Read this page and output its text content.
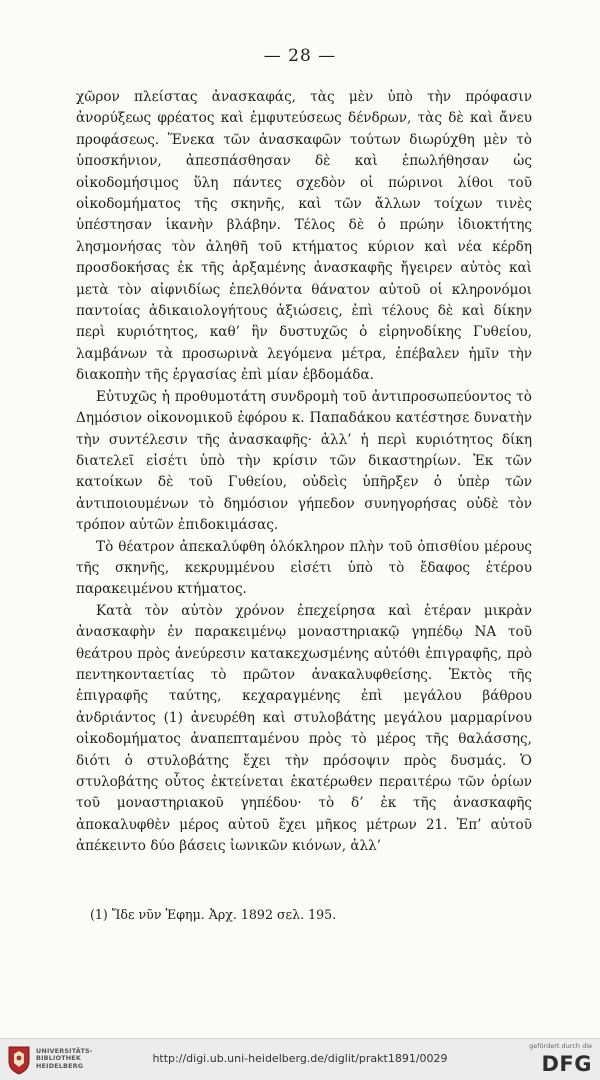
— 28 —

χῶρον πλείστας ἀνασκαφάς, τὰς μὲν ὑπὸ τὴν πρόφασιν ἀνορύξεως φρέατος καὶ ἐμφυτεύσεως δένδρων, τὰς δὲ καὶ ἄνευ προφάσεως. Ἕνεκα τῶν ἀνασκαφῶν τούτων διωρύχθη μὲν τὸ ὑποσκήνιον, ἀπεσπάσθησαν δὲ καὶ ἐπωλήθησαν ὡς οἰκοδομήσιμος ὕλη πάντες σχεδὸν οἱ πώρινοι λίθοι τοῦ οἰκοδομήματος τῆς σκηνῆς, καὶ τῶν ἄλλων τοίχων τινὲς ὑπέστησαν ἱκανὴν βλάβην. Τέλος δὲ ὁ πρώην ἰδιοκτήτης λησμονήσας τὸν ἀληθῆ τοῦ κτήματος κύριον καὶ νέα κέρδη προσδοκήσας ἐκ τῆς ἀρξαμένης ἀνασκαφῆς ἤγειρεν αὐτὸς καὶ μετὰ τὸν αἰφνιδίως ἐπελθόντα θάνατον αὐτοῦ οἱ κληρονόμοι παντοίας ἀδικαιολογήτους ἀξιώσεις, ἐπὶ τέλους δὲ καὶ δίκην περὶ κυριότητος, καθ’ ἣν δυστυχῶς ὁ εἰρηνοδίκης Γυθείου, λαμβάνων τὰ προσωρινὰ λεγόμενα μέτρα, ἐπέβαλεν ἡμῖν τὴν διακοπὴν τῆς ἐργασίας ἐπὶ μίαν ἑβδομάδα.

Εὐτυχῶς ἡ προθυμοτάτη συνδρομὴ τοῦ ἀντιπροσωπεύοντος τὸ Δημόσιον οἰκονομικοῦ ἐφόρου κ. Παπαδάκου κατέστησε δυνατὴν τὴν συντέλεσιν τῆς ἀνασκαφῆς· ἀλλ’ ἡ περὶ κυριότητος δίκη διατελεῖ εἰσέτι ὑπὸ τὴν κρίσιν τῶν δικαστηρίων. Ἐκ τῶν κατοίκων δὲ τοῦ Γυθείου, οὐδεὶς ὑπῆρξεν ὁ ὑπὲρ τῶν ἀντιποιουμένων τὸ δημόσιον γήπεδον συνηγορήσας οὐδὲ τὸν τρόπον αὐτῶν ἐπιδοκιμάσας.

Τὸ θέατρον ἀπεκαλύφθη ὁλόκληρον πλὴν τοῦ ὀπισθίου μέρους τῆς σκηνῆς, κεκρυμμένου εἰσέτι ὑπὸ τὸ ἔδαφος ἑτέρου παρακειμένου κτήματος.

Κατὰ τὸν αὐτὸν χρόνον ἐπεχείρησα καὶ ἑτέραν μικρὰν ἀνασκαφὴν ἐν παρακειμένῳ μοναστηριακῷ γηπέδῳ ΝΑ τοῦ θεάτρου πρὸς ἀνεύρεσιν κατακεχωσμένης αὐτόθι ἐπιγραφῆς, πρὸ πεντηκονταετίας τὸ πρῶτον ἀνακαλυφθείσης. Ἐκτὸς τῆς ἐπιγραφῆς ταύτης, κεχαραγμένης ἐπὶ μεγάλου βάθρου ἀνδριάντος (1) ἀνευρέθη καὶ στυλοβάτης μεγάλου μαρμαρίνου οἰκοδομήματος ἀναπεπταμένου πρὸς τὸ μέρος τῆς θαλάσσης, διότι ὁ στυλοβάτης ἔχει τὴν πρόσοψιν πρὸς δυσμάς. Ὁ στυλοβάτης οὗτος ἐκτείνεται ἑκατέρωθεν περαιτέρω τῶν ὁρίων τοῦ μοναστηριακοῦ γηπέδου· τὸ δ’ ἐκ τῆς ἀνασκαφῆς ἀποκαλυφθὲν μέρος αὐτοῦ ἔχει μῆκος μέτρων 21. Ἐπ’ αὐτοῦ ἀπέκειντο δύο βάσεις ἰωνικῶν κιόνων, ἀλλ’

(1) Ἴδε νῦν Ἐφημ. Ἀρχ. 1892 σελ. 195.
UNIVERSITÄTS-
BIBLIOTHEK
HEIDELBERG
http://digi.ub.uni-heidelberg.de/diglit/prakt1891/0029
gefördert durch die
DFG
